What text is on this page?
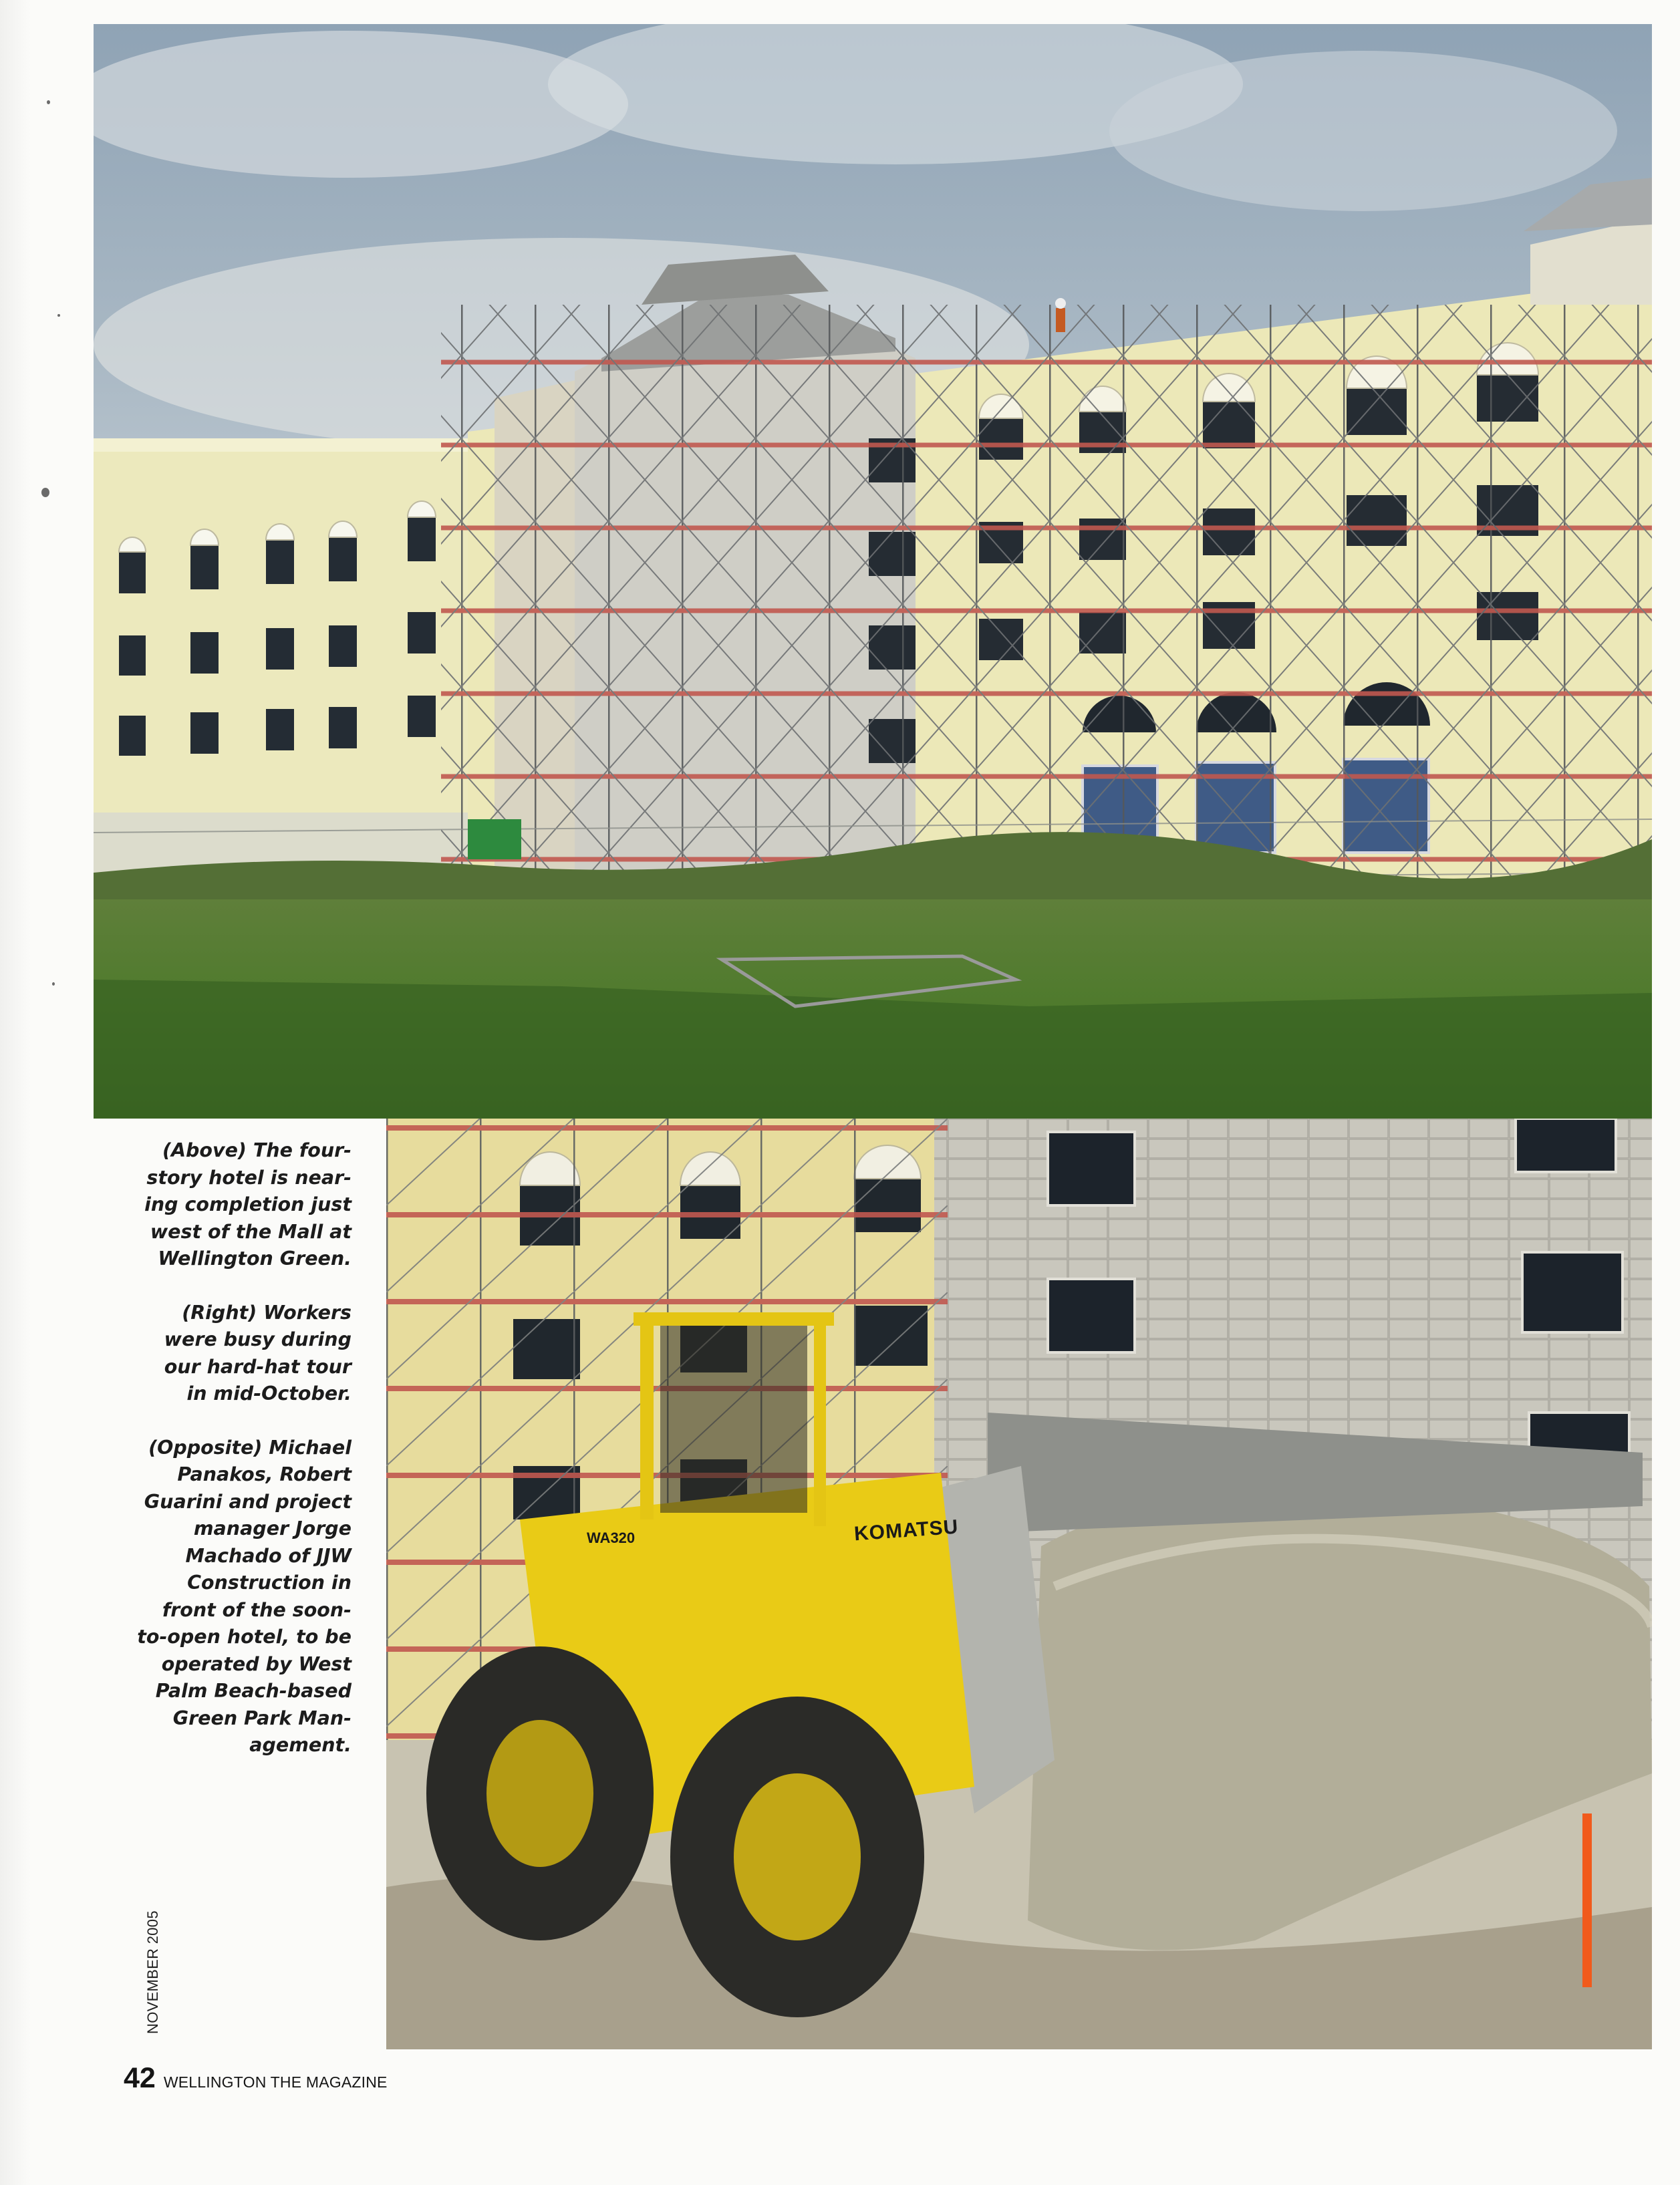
WA320	KOMATSU

(Above) The four-
story hotel is near-
ing completion just
west of the Mall at
Wellington Green.

(Right) Workers
were busy during
our hard-hat tour
in mid-October.

(Opposite) Michael
Panakos, Robert
Guarini and project
manager Jorge
Machado of JJW
Construction in
front of the soon-
to-open hotel, to be
operated by West
Palm Beach-based
Green Park Man-
agement.

42 WELLINGTON THE MAGAZINE
NOVEMBER 2005
